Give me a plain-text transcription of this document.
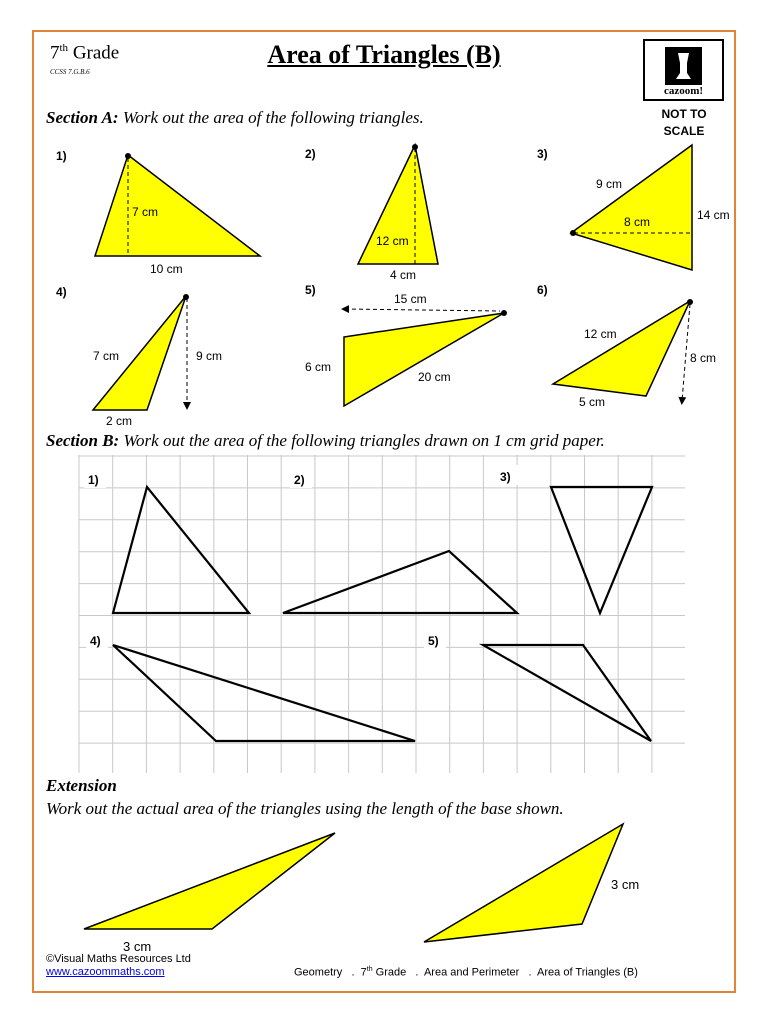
7th Grade
CCSS 7.G.B.6
Area of Triangles (B)
cazoom!
NOT TO
SCALE
Section A: Work out the area of the following triangles.
1)
7 cm
10 cm
2)
12 cm
4 cm
3)
9 cm
8 cm	14 cm
4)
7 cm	9 cm
2 cm
5)
15 cm
6 cm
20 cm
6)
12 cm
8 cm
5 cm
Section B: Work out the area of the following triangles drawn on 1 cm grid paper.
1)	2)	3)
4)	5)
Extension
Work out the actual area of the triangles using the length of the base shown.
3 cm
3 cm
©Visual Maths Resources Ltd
www.cazoommaths.com	Geometry   .  7th Grade   .  Area and Perimeter   .  Area of Triangles (B)
